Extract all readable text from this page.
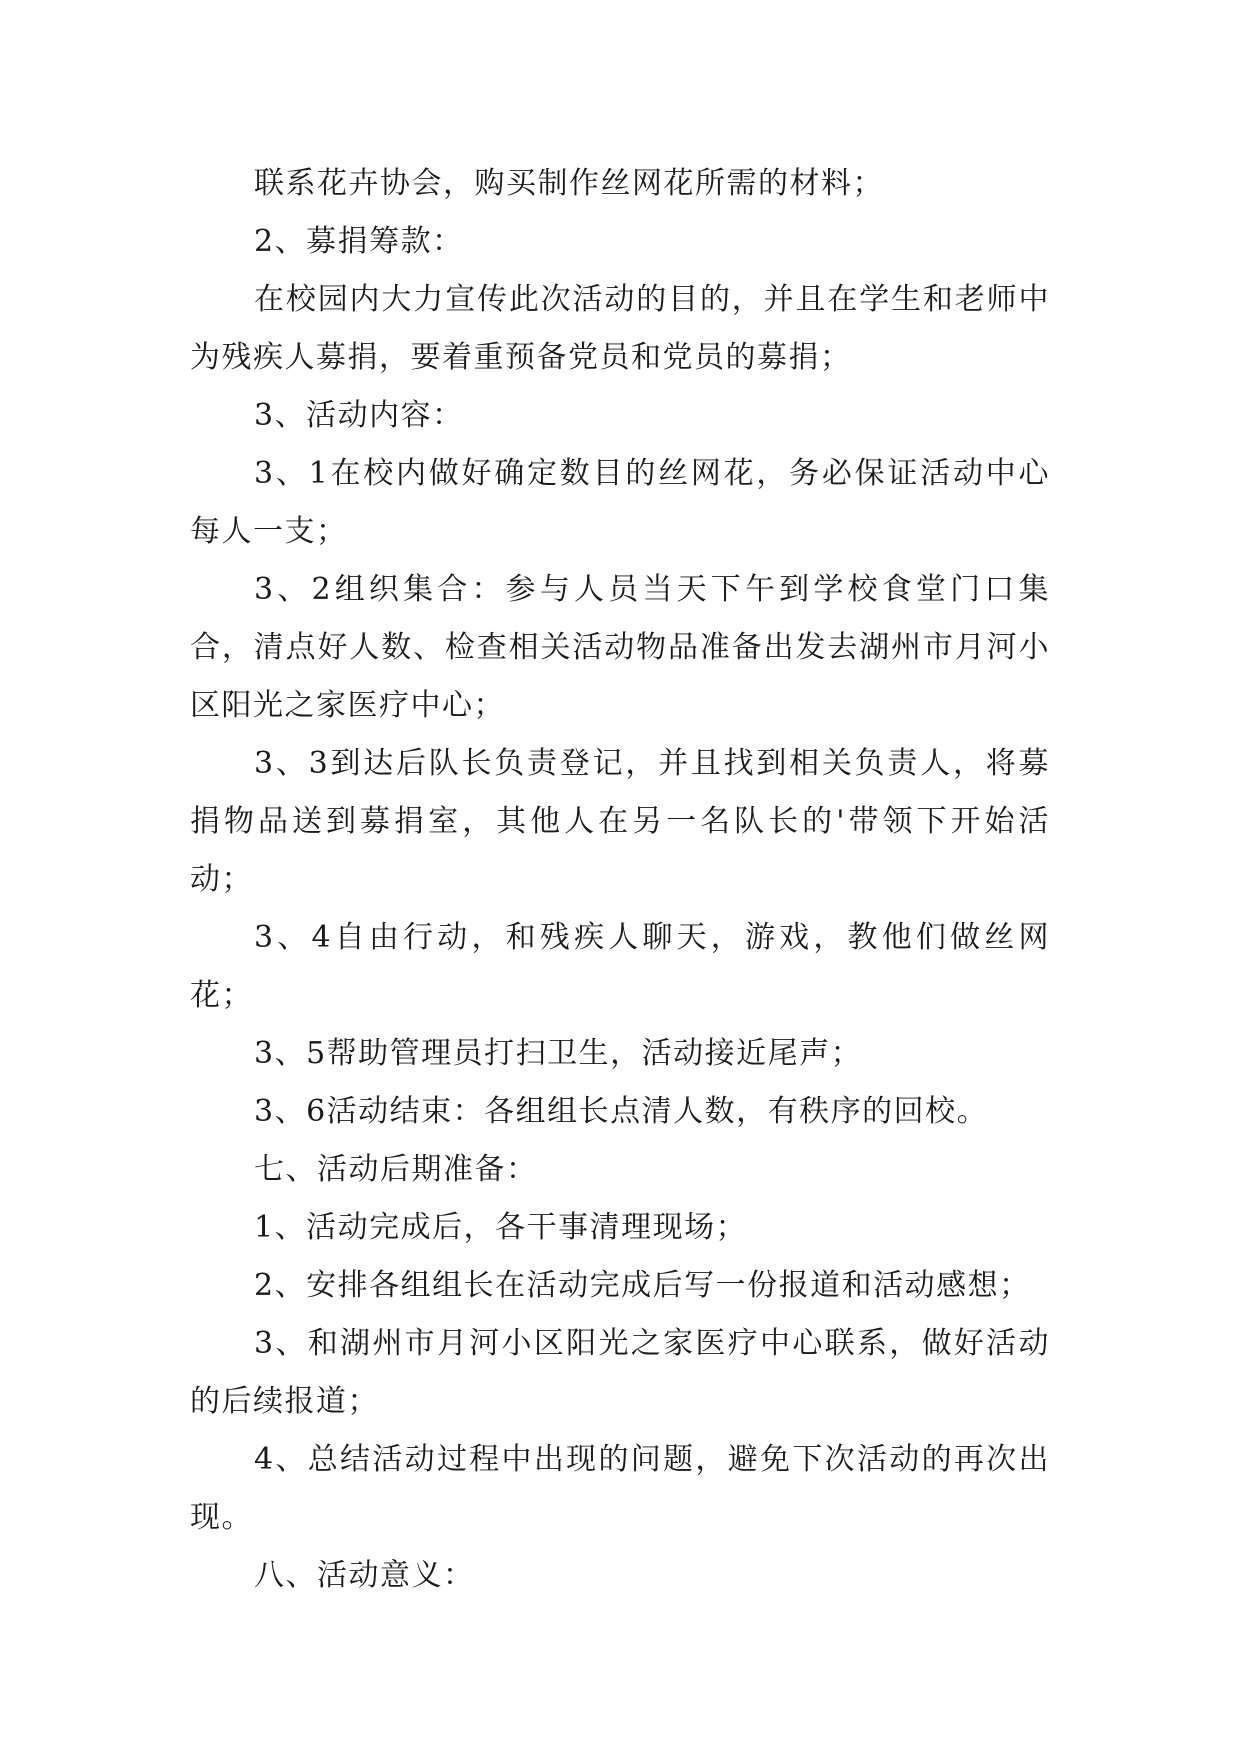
联系花卉协会，购买制作丝网花所需的材料；

2、募捐筹款：

在校园内大力宣传此次活动的目的，并且在学生和老师中为残疾人募捐，要着重预备党员和党员的募捐；

3、活动内容：

3、1在校内做好确定数目的丝网花，务必保证活动中心每人一支；

3、2组织集合：参与人员当天下午到学校食堂门口集合，清点好人数、检查相关活动物品准备出发去湖州市月河小区阳光之家医疗中心；

3、3到达后队长负责登记，并且找到相关负责人，将募捐物品送到募捐室，其他人在另一名队长的'带领下开始活动；

3、4自由行动，和残疾人聊天，游戏，教他们做丝网花；

3、5帮助管理员打扫卫生，活动接近尾声；

3、6活动结束：各组组长点清人数，有秩序的回校。

七、活动后期准备：

1、活动完成后，各干事清理现场；

2、安排各组组长在活动完成后写一份报道和活动感想；

3、和湖州市月河小区阳光之家医疗中心联系，做好活动的后续报道；

4、总结活动过程中出现的问题，避免下次活动的再次出现。

八、活动意义：
